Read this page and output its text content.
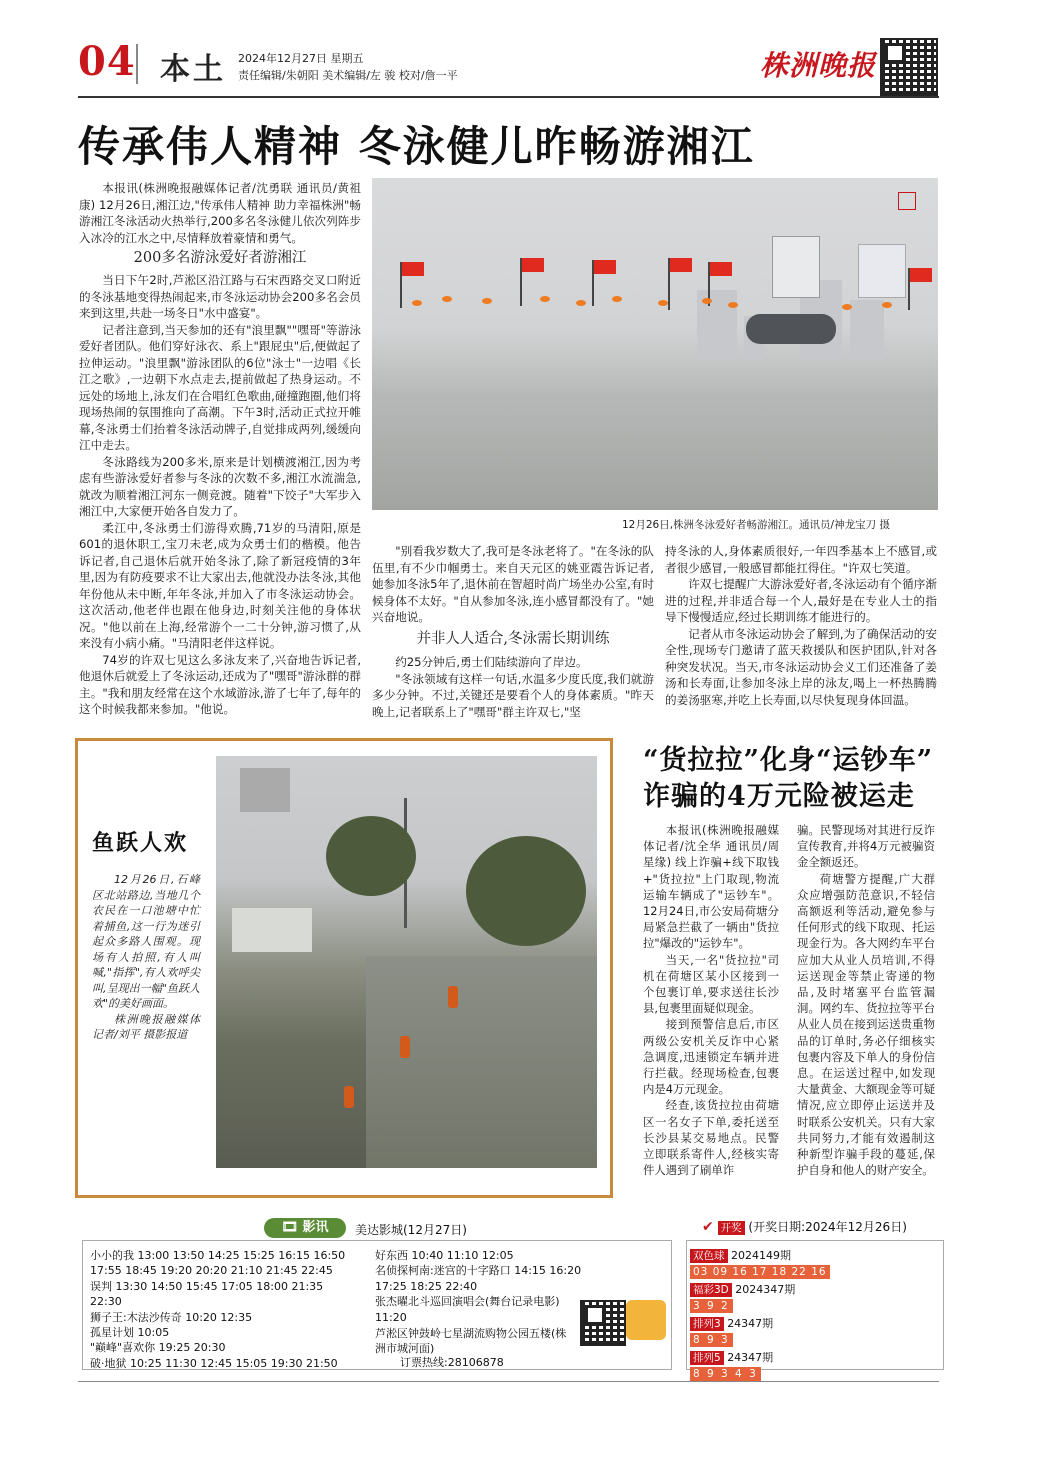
04 本土 2024年12月27日 星期五
责任编辑/朱朝阳 美术编辑/左 骏 校对/詹一平	株洲晚报
传承伟人精神 冬泳健儿昨畅游湘江

本报讯(株洲晚报融媒体记者/沈勇联 通讯员/黄祖康) 12月26日,湘江边,"传承伟人精神 助力幸福株洲"畅游湘江冬泳活动火热举行,200多名冬泳健儿依次列阵步入冰冷的江水之中,尽情释放着豪情和勇气。

200多名游泳爱好者游湘江

当日下午2时,芦淞区沿江路与石宋西路交叉口附近的冬泳基地变得热闹起来,市冬泳运动协会200多名会员来到这里,共赴一场冬日"水中盛宴"。

记者注意到,当天参加的还有"浪里飘""嘿哥"等游泳爱好者团队。他们穿好泳衣、系上"跟屁虫"后,便做起了拉伸运动。"浪里飘"游泳团队的6位"泳士"一边唱《长江之歌》,一边朝下水点走去,提前做起了热身运动。不远处的场地上,泳友们在合唱红色歌曲,碰撞跑圈,他们将现场热闹的氛围推向了高潮。下午3时,活动正式拉开帷幕,冬泳勇士们抬着冬泳活动牌子,自觉排成两列,缓缓向江中走去。

冬泳路线为200多米,原来是计划横渡湘江,因为考虑有些游泳爱好者参与冬泳的次数不多,湘江水流湍急,就改为顺着湘江河东一侧竞渡。随着"下饺子"大军步入湘江中,大家便开始各自发力了。

柔江中,冬泳勇士们游得欢腾,71岁的马清阳,原是601的退休职工,宝刀未老,成为众勇士们的楷模。他告诉记者,自己退休后就开始冬泳了,除了新冠疫情的3年里,因为有防疫要求不让大家出去,他就没办法冬泳,其他年份他从未中断,年年冬泳,并加入了市冬泳运动协会。这次活动,他老伴也跟在他身边,时刻关注他的身体状况。"他以前在上海,经常游个一二十分钟,游习惯了,从来没有小病小痛。"马清阳老伴这样说。

74岁的许双七见这么多泳友来了,兴奋地告诉记者,他退休后就爱上了冬泳运动,还成为了"嘿哥"游泳群的群主。"我和朋友经常在这个水域游泳,游了七年了,每年的这个时候我都来参加。"他说。

12月26日,株洲冬泳爱好者畅游湘江。通讯员/神龙宝刀 摄

"别看我岁数大了,我可是冬泳老将了。"在冬泳的队伍里,有不少巾帼勇士。来自天元区的姚亚霞告诉记者,她参加冬泳5年了,退休前在智超时尚广场坐办公室,有时候身体不太好。"自从参加冬泳,连小感冒都没有了。"她兴奋地说。

并非人人适合,冬泳需长期训练

约25分钟后,勇士们陆续游向了岸边。

"冬泳领域有这样一句话,水温多少度氏度,我们就游多少分钟。不过,关键还是要看个人的身体素质。"昨天晚上,记者联系上了"嘿哥"群主许双七,"坚

持冬泳的人,身体素质很好,一年四季基本上不感冒,或者很少感冒,一般感冒都能扛得住。"许双七笑道。

许双七提醒广大游泳爱好者,冬泳运动有个循序渐进的过程,并非适合每一个人,最好是在专业人士的指导下慢慢适应,经过长期训练才能进行的。

记者从市冬泳运动协会了解到,为了确保活动的安全性,现场专门邀请了蓝天救援队和医护团队,针对各种突发状况。当天,市冬泳运动协会义工们还准备了姜汤和长寿面,让参加冬泳上岸的泳友,喝上一杯热腾腾的姜汤驱寒,并吃上长寿面,以尽快复现身体回温。

鱼跃人欢

12月26日,石峰区北站路边,当地几个农民在一口池塘中忙着捕鱼,这一行为迷引起众多路人围观。现场有人拍照,有人叫喊,"指挥",有人欢呼尖叫,呈现出一幅"鱼跃人欢"的美好画面。

株洲晚报融媒体记者/刘平 摄影报道

“货拉拉”化身“运钞车”
诈骗的4万元险被运走

本报讯(株洲晚报融媒体记者/沈全华 通讯员/周星缘) 线上诈骗+线下取钱+"货拉拉"上门取现,物流运输车辆成了"运钞车"。12月24日,市公安局荷塘分局紧急拦截了一辆由"货拉拉"爆改的"运钞车"。

当天,一名"货拉拉"司机在荷塘区某小区接到一个包裹订单,要求送往长沙县,包裹里面疑似现金。

接到预警信息后,市区两级公安机关反诈中心紧急调度,迅速锁定车辆并进行拦截。经现场检查,包裹内是4万元现金。

经查,该货拉拉由荷塘区一名女子下单,委托送至长沙县某交易地点。民警立即联系寄件人,经核实寄件人遇到了刷单诈

骗。民警现场对其进行反诈宣传教育,并将4万元被骗资金全额返还。

荷塘警方提醒,广大群众应增强防范意识,不轻信高额返利等活动,避免参与任何形式的线下取现、托运现金行为。各大网约车平台应加大从业人员培训,不得运送现金等禁止寄递的物品,及时堵塞平台监管漏洞。网约车、货拉拉等平台从业人员在接到运送贵重物品的订单时,务必仔细核实包裹内容及下单人的身份信息。在运送过程中,如发现大量黄金、大额现金等可疑情况,应立即停止运送并及时联系公安机关。只有大家共同努力,才能有效遏制这种新型诈骗手段的蔓延,保护自身和他人的财产安全。

🎞 影讯	美达影城(12月27日)
小小的我 13:00 13:50 14:25 15:25 16:15 16:50
17:55 18:45 19:20 20:20 21:10 21:45 22:45
误判 13:30 14:50 15:45 17:05 18:00 21:35
22:30
狮子王:木法沙传奇 10:20 12:35
孤星计划 10:05
"巅峰"喜欢你 19:25 20:30
破·地狱 10:25 11:30 12:45 15:05 19:30 21:50
好东西 10:40 11:10 12:05
名侦探柯南:迷宫的十字路口 14:15 16:20
17:25 18:25 22:40
张杰曜北斗巡回演唱会(舞台记录电影)
11:20
芦淞区钟鼓岭七星湖流购物公园五楼(株洲市城河面)
订票热线:28106878
✔ 开奖 (开奖日期:2024年12月26日)
双色球 2024149期
03 09 16 17 18 22 16
福彩3D 2024347期
3 9 2
排列3 24347期
8 9 3
排列5 24347期
8 9 3 4 3
